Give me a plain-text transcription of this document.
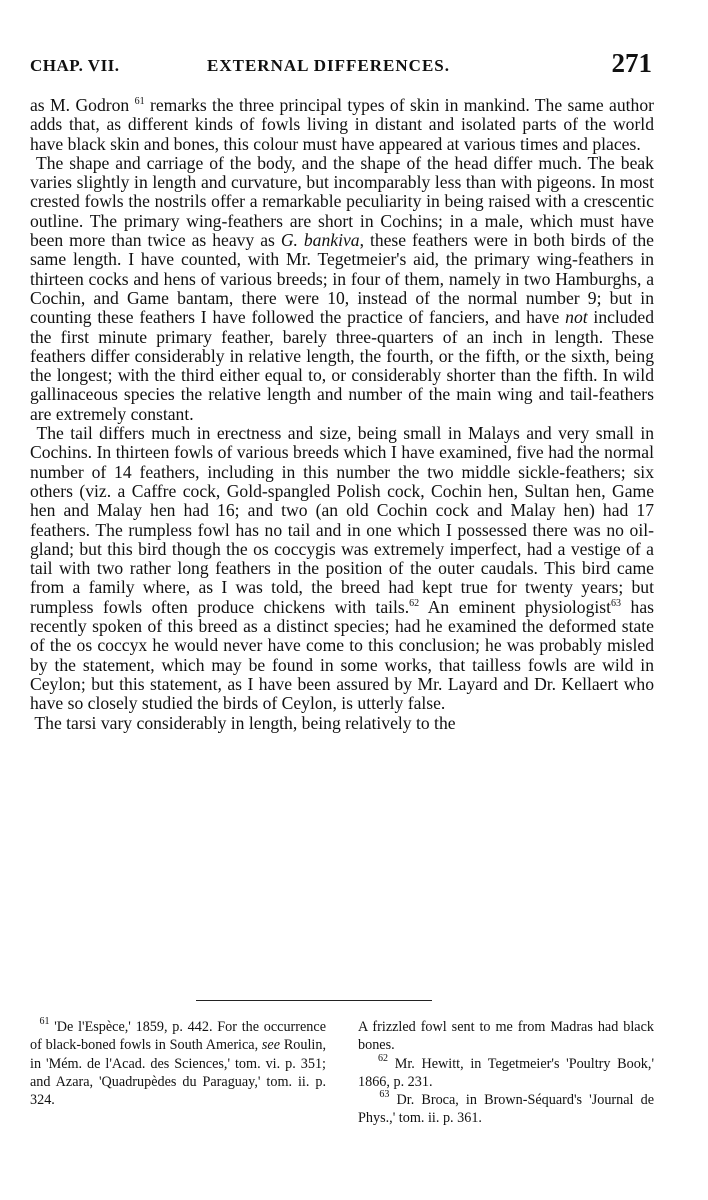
CHAP. VII.	EXTERNAL DIFFERENCES.	271

as M. Godron $^{61}$ remarks the three principal types of skin in mankind. The same author adds that, as different kinds of fowls living in distant and isolated parts of the world have black skin and bones, this colour must have appeared at various times and places.

The shape and carriage of the body, and the shape of the head differ much. The beak varies slightly in length and curvature, but incomparably less than with pigeons. In most crested fowls the nostrils offer a remarkable peculiarity in being raised with a crescentic outline. The primary wing-feathers are short in Cochins; in a male, which must have been more than twice as heavy as G. bankiva, these feathers were in both birds of the same length. I have counted, with Mr. Tegetmeier's aid, the primary wing-feathers in thirteen cocks and hens of various breeds; in four of them, namely in two Hamburghs, a Cochin, and Game bantam, there were 10, instead of the normal number 9; but in counting these feathers I have followed the practice of fanciers, and have not included the first minute primary feather, barely three-quarters of an inch in length. These feathers differ considerably in relative length, the fourth, or the fifth, or the sixth, being the longest; with the third either equal to, or considerably shorter than the fifth. In wild gallinaceous species the relative length and number of the main wing and tail-feathers are extremely constant.

The tail differs much in erectness and size, being small in Malays and very small in Cochins. In thirteen fowls of various breeds which I have examined, five had the normal number of 14 feathers, including in this number the two middle sickle-feathers; six others (viz. a Caffre cock, Gold-spangled Polish cock, Cochin hen, Sultan hen, Game hen and Malay hen had 16; and two (an old Cochin cock and Malay hen) had 17 feathers. The rumpless fowl has no tail and in one which I possessed there was no oil-gland; but this bird though the os coccygis was extremely imperfect, had a vestige of a tail with two rather long feathers in the position of the outer caudals. This bird came from a family where, as I was told, the breed had kept true for twenty years; but rumpless fowls often produce chickens with tails.$^{62}$ An eminent physiologist$^{63}$ has recently spoken of this breed as a distinct species; had he examined the deformed state of the os coccyx he would never have come to this conclusion; he was probably misled by the statement, which may be found in some works, that tailless fowls are wild in Ceylon; but this statement, as I have been assured by Mr. Layard and Dr. Kellaert who have so closely studied the birds of Ceylon, is utterly false.

The tarsi vary considerably in length, being relatively to the

$^{61}$ 'De l'Espèce,' 1859, p. 442. For the occurrence of black-boned fowls in South America, see Roulin, in 'Mém. de l'Acad. des Sciences,' tom. vi. p. 351; and Azara, 'Quadrupèdes du Paraguay,' tom. ii. p. 324.

A frizzled fowl sent to me from Madras had black bones.

$^{62}$ Mr. Hewitt, in Tegetmeier's 'Poultry Book,' 1866, p. 231.

$^{63}$ Dr. Broca, in Brown-Séquard's 'Journal de Phys.,' tom. ii. p. 361.
